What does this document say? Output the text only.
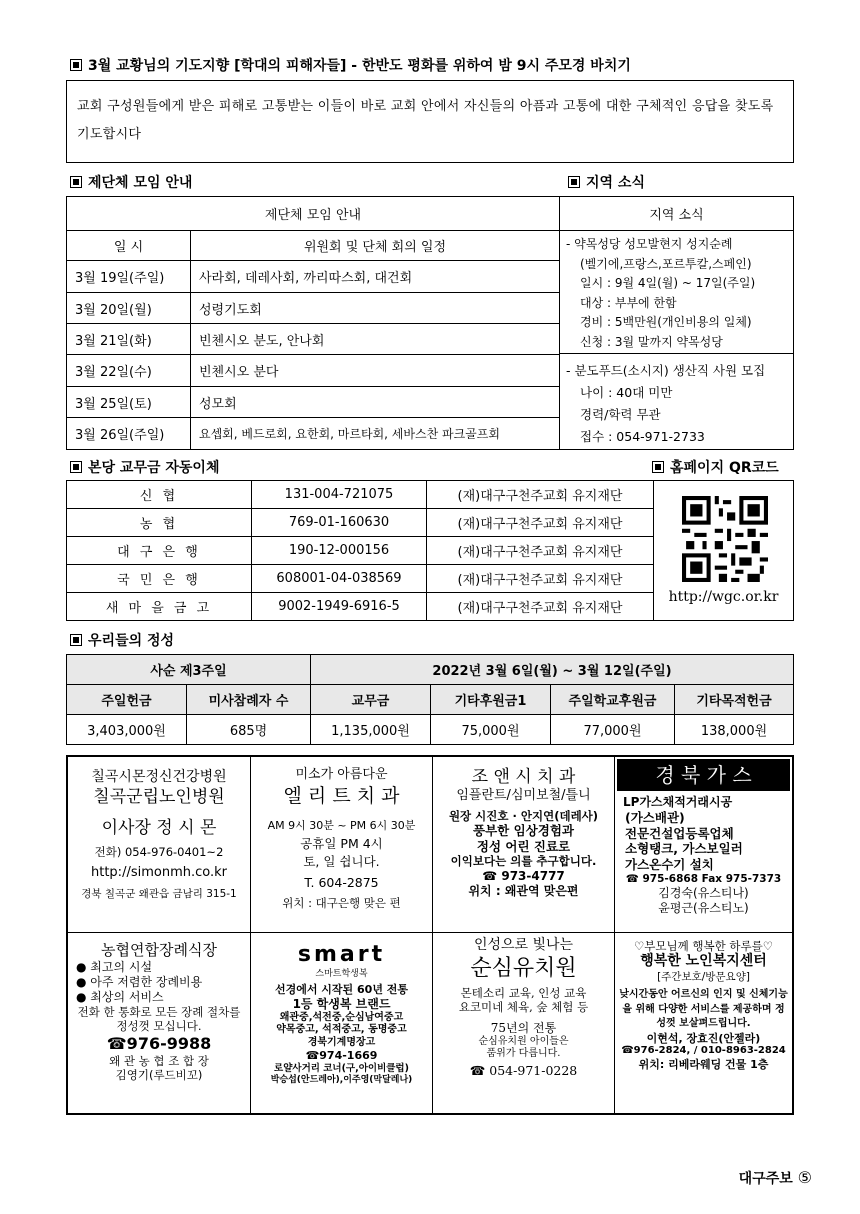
3월 교황님의 기도지향 [학대의 피해자들] - 한반도 평화를 위하여 밤 9시 주모경 바치기
교회 구성원들에게 받은 피해로 고통받는 이들이 바로 교회 안에서 자신들의 아픔과 고통에 대한 구체적인 응답을 찾도록 기도합시다
제단체 모임 안내	지역 소식
제단체 모임 안내	
일 시	위원회 및 단체 회의 일정
3월 19일(주일)	사라회, 데레사회, 까리따스회, 대건회
3월 20일(월)	성령기도회
3월 21일(화)	빈첸시오 분도, 안나회
3월 22일(수)	빈첸시오 분다
3월 25일(토)	성모회
3월 26일(주일)	요셉회, 베드로회, 요한회, 마르타회, 세바스찬 파크골프회
지역 소식
- 약목성당 성모발현지 성지순례
(벨기에,프랑스,포르투칼,스페인)
일시 : 9월 4일(월) ~ 17일(주일)
대상 : 부부에 한함
경비 : 5백만원(개인비용의 일체)
신청 : 3월 말까지 약목성당
- 분도푸드(소시지) 생산직 사원 모집
나이 : 40대 미만
경력/학력 무관
접수 : 054-971-2733
본당 교무금 자동이체	홈페이지 QR코드
신 협	131-004-721075	(재)대구구천주교회 유지재단
농 협	769-01-160630	(재)대구구천주교회 유지재단
대 구 은 행	190-12-000156	(재)대구구천주교회 유지재단
국 민 은 행	608001-04-038569	(재)대구구천주교회 유지재단
새 마 을 금 고	9002-1949-6916-5	(재)대구구천주교회 유지재단
http://wgc.or.kr
우리들의 정성
사순 제3주일		2022년 3월 6일(월) ~ 3월 12일(주일)			
주일헌금	미사참례자 수	교무금	기타후원금1	주일학교후원금	기타목적헌금
3,403,000원	685명	1,135,000원	75,000원	77,000원	138,000원
칠곡시몬정신건강병원
칠곡군립노인병원
이사장 정 시 몬
전화) 054-976-0401~2
http://simonmh.co.kr
경북 칠곡군 왜관읍 금남리 315-1
미소가 아름다운
엘 리 트 치 과
AM 9시 30분 ~ PM 6시 30분
공휴일 PM 4시
토, 일 쉽니다.
T. 604-2875
위치 : 대구은행 맞은 편
조 앤 시 치 과
임플란트/심미보철/틀니
원장 시진호 · 안지연(데레사)
풍부한 임상경험과
정성 어린 진료로
이익보다는 의를 추구합니다.
☎ 973-4777
위치 : 왜관역 맞은편
경 북 가 스
LP가스채적거래시공
(가스배관)
전문건설업등록업체
소형탱크, 가스보일러
가스온수기 설치
☎ 975-6868 Fax 975-7373
김경숙(유스티나)
윤평근(유스티노)
농협연합장례식장
● 최고의 시설
● 아주 저렴한 장례비용
● 최상의 서비스
전화 한 통화로 모든 장례 절차를 정성껏 모십니다.
☎976-9988
왜 관 농 협 조 합 장
김영기(루드비꼬)
smart
스마트학생복
선경에서 시작된 60년 전통
1등 학생복 브랜드
왜관중,석전중,순심남여중고
약목중고, 석적중고, 동명중고
경북기계명장고
☎974-1669
로얄사거리 코너(구,아이비클럽)
박승섭(안드레아),이주영(막달레나)
인성으로 빛나는
순심유치원
몬테소리 교육, 인성 교육
요코미네 체육, 숲 체험 등
75년의 전통
순심유치원 아이들은
품위가 다릅니다.
☎ 054-971-0228
♡부모님께 행복한 하루를♡
행복한 노인복지센터
[주간보호/방문요양]
낮시간동안 어르신의 인지 및 신체기능을 위해 다양한 서비스를 제공하며 정성껏 보살펴드립니다.
이현석, 장효진(안젤라)
☎976-2824, / 010-8963-2824
위치: 리베라웨딩 건물 1층
대구주보 ⑤
